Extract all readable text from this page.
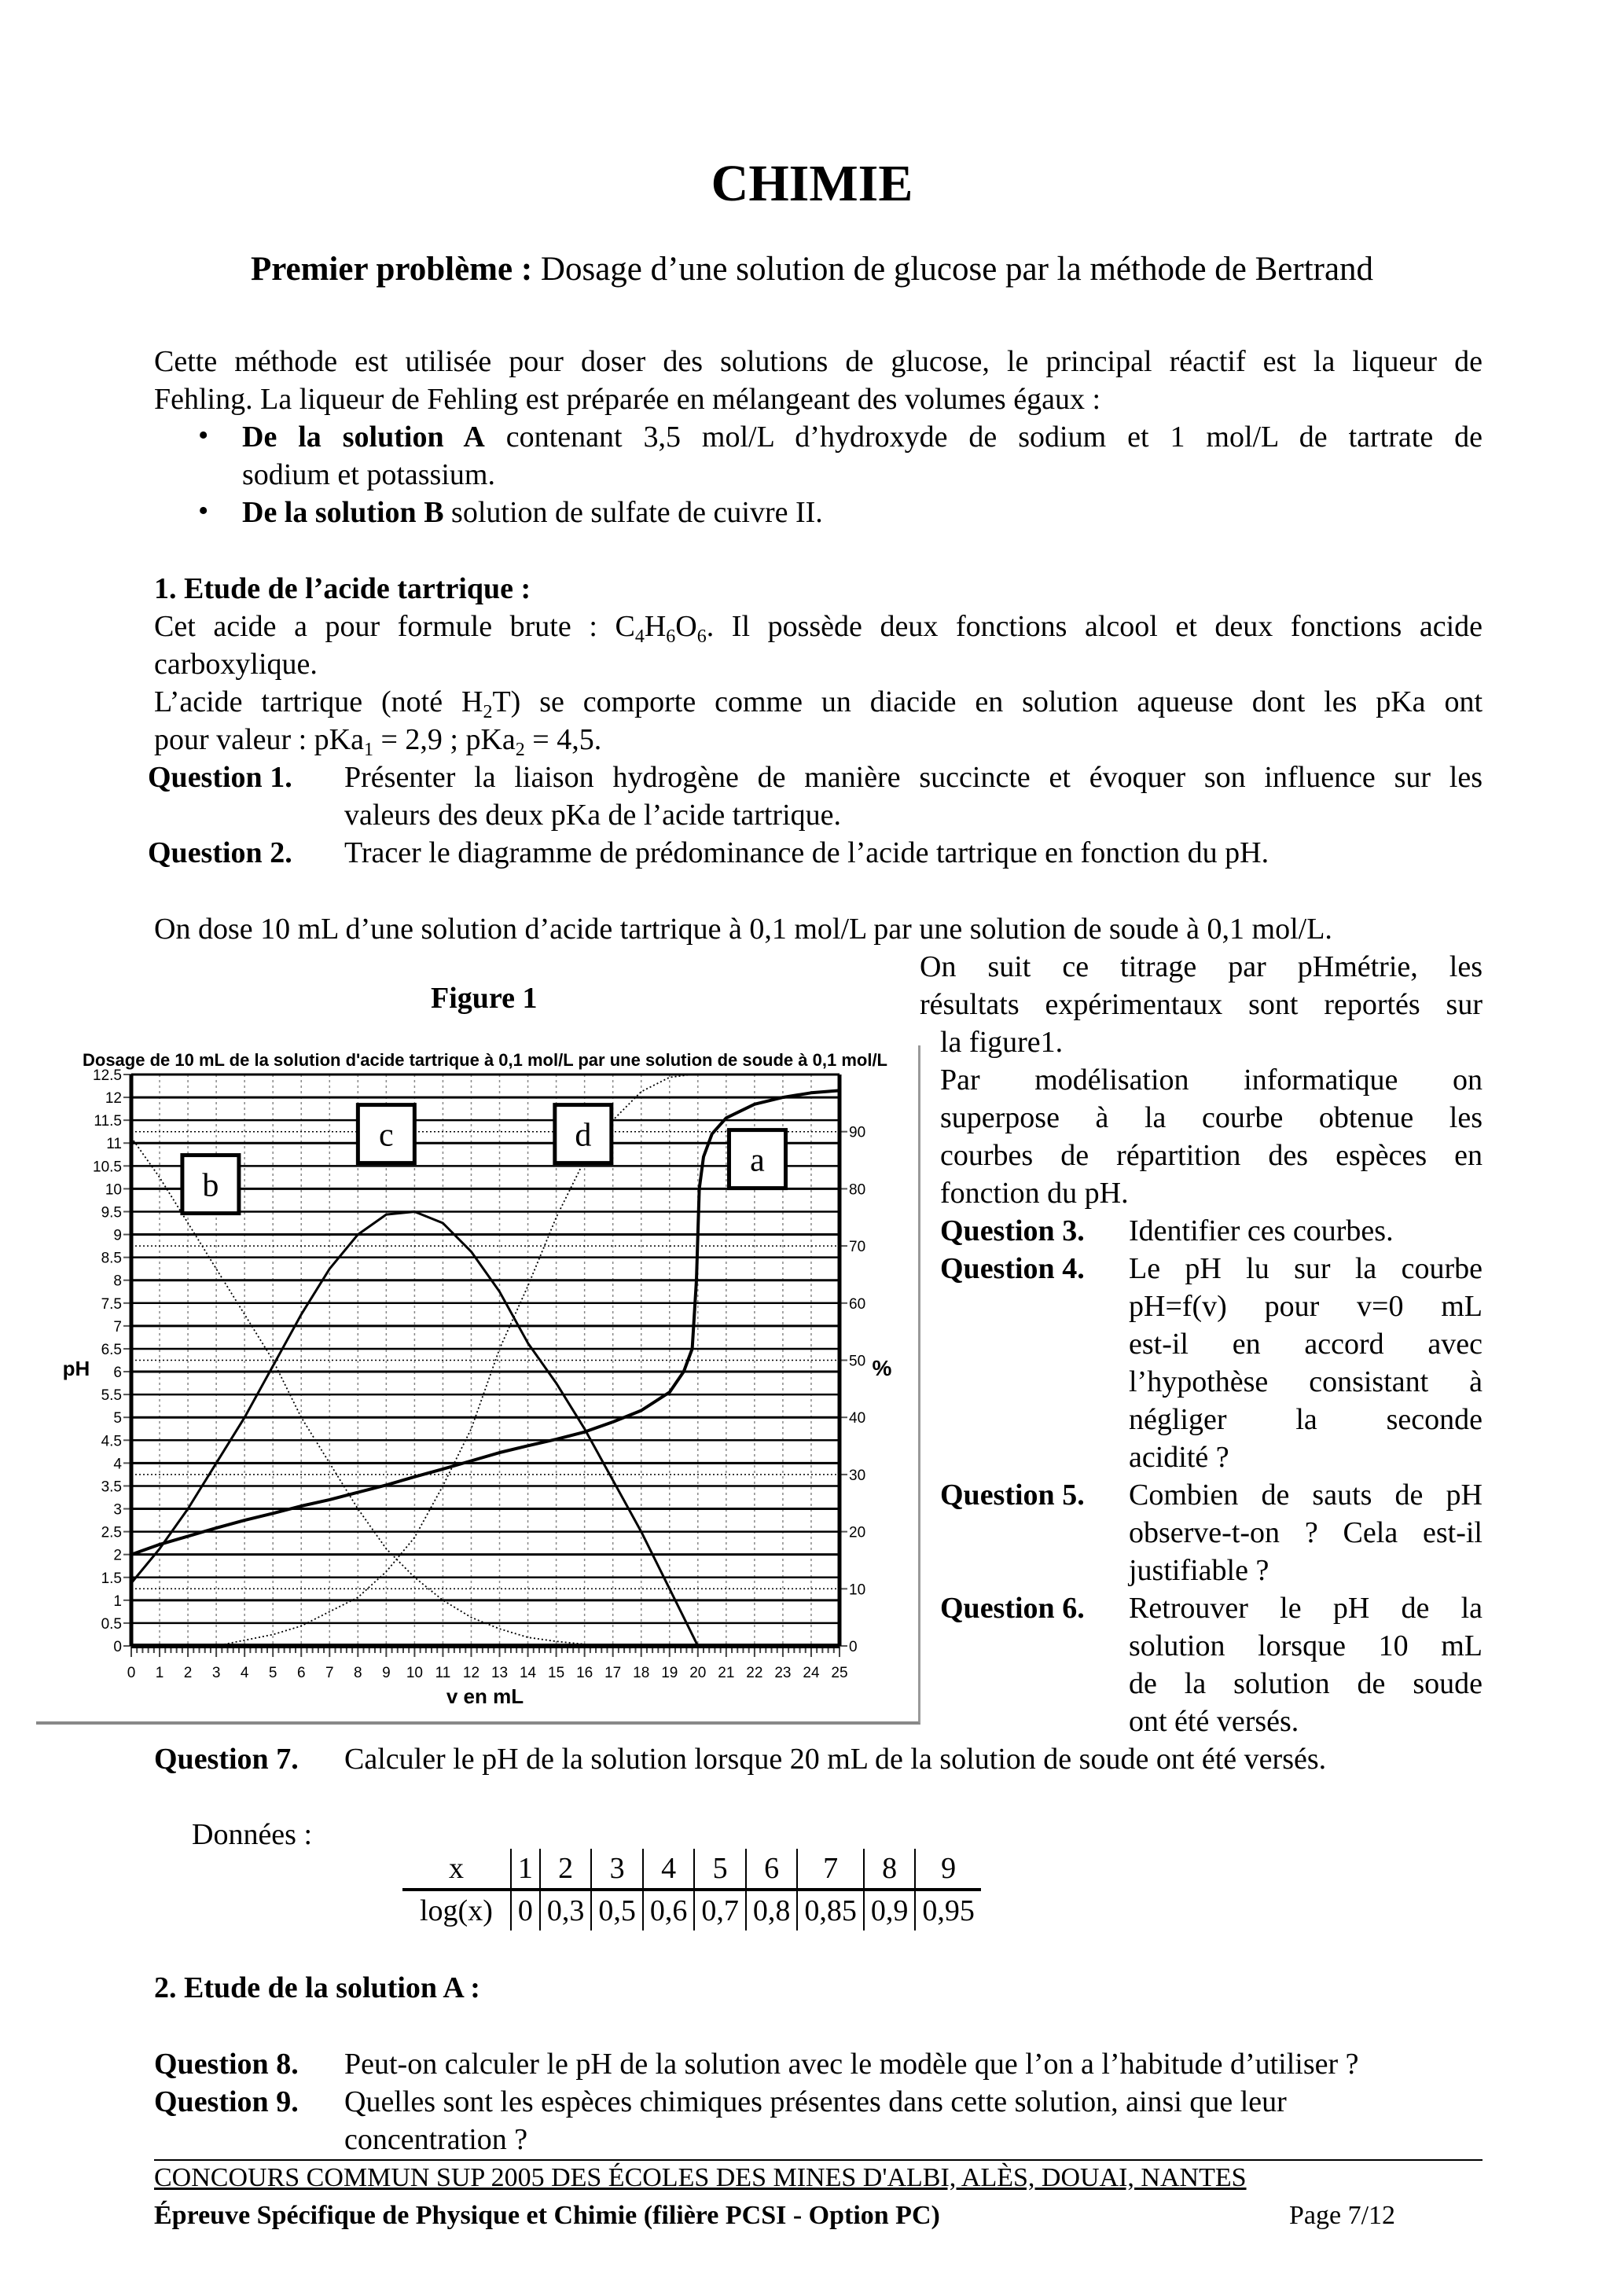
CHIMIE
Premier problème : Dosage d’une solution de glucose par la méthode de Bertrand
Cette méthode est utilisée pour doser des solutions de glucose, le principal réactif est la liqueur de
Fehling. La liqueur de Fehling est préparée en mélangeant des volumes égaux :
• De la solution A contenant 3,5 mol/L d’hydroxyde de sodium et 1 mol/L de tartrate de
sodium et potassium.
• De la solution B solution de sulfate de cuivre II.
1. Etude de l’acide tartrique :
Cet acide a pour formule brute : $C_4H_6O_6$. Il possède deux fonctions alcool et deux fonctions acide
carboxylique.
L’acide tartrique (noté $H_2T$) se comporte comme un diacide en solution aqueuse dont les pKa ont
pour valeur : pKa$_1$ = 2,9 ; pKa$_2$ = 4,5.
Question 1. Présenter la liaison hydrogène de manière succincte et évoquer son influence sur les
valeurs des deux pKa de l’acide tartrique.
Question 2. Tracer le diagramme de prédominance de l’acide tartrique en fonction du pH.
On dose 10 mL d’une solution d’acide tartrique à 0,1 mol/L par une solution de soude à 0,1 mol/L.
On suit ce titrage par pHmétrie, les
résultats expérimentaux sont reportés sur
la figure1.
Par modélisation informatique on
superpose à la courbe obtenue les
courbes de répartition des espèces en
fonction du pH.
Question 3. Identifier ces courbes.
Question 4. Le pH lu sur la courbe
pH=f(v) pour v=0 mL
est-il en accord avec
l’hypothèse consistant à
négliger la seconde
acidité ?
Question 5. Combien de sauts de pH
observe-t-on ? Cela est-il
justifiable ?
Question 6. Retrouver le pH de la
solution lorsque 10 mL
de la solution de soude
ont été versés.
Figure 1
Dosage de 10 mL de la solution d'acide tartrique à 0,1 mol/L par une solution de soude à 0,1 mol/L
0
0.5
1
1.5
2
2.5
3
3.5
4
4.5
5
5.5
6
6.5
7
7.5
8
8.5
9
9.5
10
10.5
11
11.5
12
12.5
0
10
20
30
40
50
60
70
80
90
0 1 2 3 4 5 6 7 8 9 10 11 12 13 14 15 16 17 18 19 20 21 22 23 24 25
pH	%
v en mL
b
c	d
a
Question 7. Calculer le pH de la solution lorsque 20 mL de la solution de soude ont été versés.
Données :
x	1	2	3	4	5	6	7	8	9
log(x)	0	0,3	0,5	0,6	0,7	0,8	0,85	0,9	0,95
2. Etude de la solution A :
Question 8. Peut-on calculer le pH de la solution avec le modèle que l’on a l’habitude d’utiliser ?
Question 9. Quelles sont les espèces chimiques présentes dans cette solution, ainsi que leur
concentration ?
CONCOURS COMMUN SUP 2005 DES ÉCOLES DES MINES D'ALBI, ALÈS, DOUAI, NANTES
Épreuve Spécifique de Physique et Chimie (filière PCSI - Option PC)	Page 7/12
